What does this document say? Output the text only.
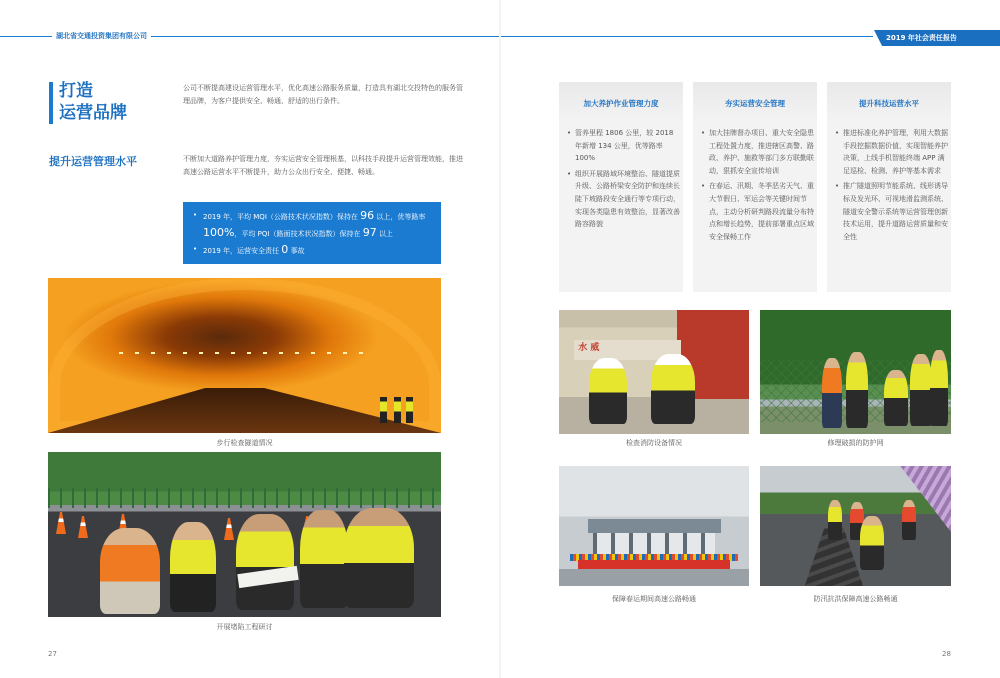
湖北省交通投资集团有限公司	2019 年社会责任报告
打造
运营品牌
公司不断提高建设运营管理水平，优化高速公路服务质量，打造具有湖北交投特色的服务管理品牌，为客户提供安全、畅通、舒适的出行条件。
提升运营管理水平	不断加大道路养护管理力度，夯实运营安全管理根基，以科技手段提升运营管理效能，推进高速公路运营水平不断提升，助力公众出行安全、便捷、畅通。

• 2019 年，平均 MQI（公路技术状况指数）保持在 96 以上，优等路率 100%，平均 PQI（路面技术状况指数）保持在 97 以上

• 2019 年，运营安全责任 0 事故

步行检查隧道情况
开展堵陷工程研讨
27
加大养护作业管理力度

• 管养里程 1806 公里，较 2018 年新增 134 公里，优等路率 100%

• 组织开展路域环境整治、隧道提质升级、公路桥梁安全防护和连续长陡下坡路段安全通行等专项行动，实现各类隐患有效整治，显著改善路容路貌

夯实运营安全管理

• 加大挂牌督办项目、重大安全隐患工程处置力度，推进辖区高警、路政、养护、施救等部门多方联勤联动，狠抓安全宣传培训

• 在春运、汛期、冬季恶劣天气、重大节假日、军运会等关键时间节点，主动分析研判路段流量分布特点和增长趋势，提前部署重点区域安全保畅工作

提升科技运营水平

• 推进标准化养护管理，利用大数据手段挖掘数据价值，实现智能养护决策，上线手机智能终端 APP 满足巡检、检测、养护等基本需求

• 推广隧道照明节能系统、线形诱导标及发光环、可视地滑监测系统、隧道安全警示系统等运营管理创新技术运用，提升道路运营质量和安全性

水 威
检查消防设备情况	修理破损的防护网
保障春运期间高速公路畅通	防汛抗洪保障高速公路畅通
28
